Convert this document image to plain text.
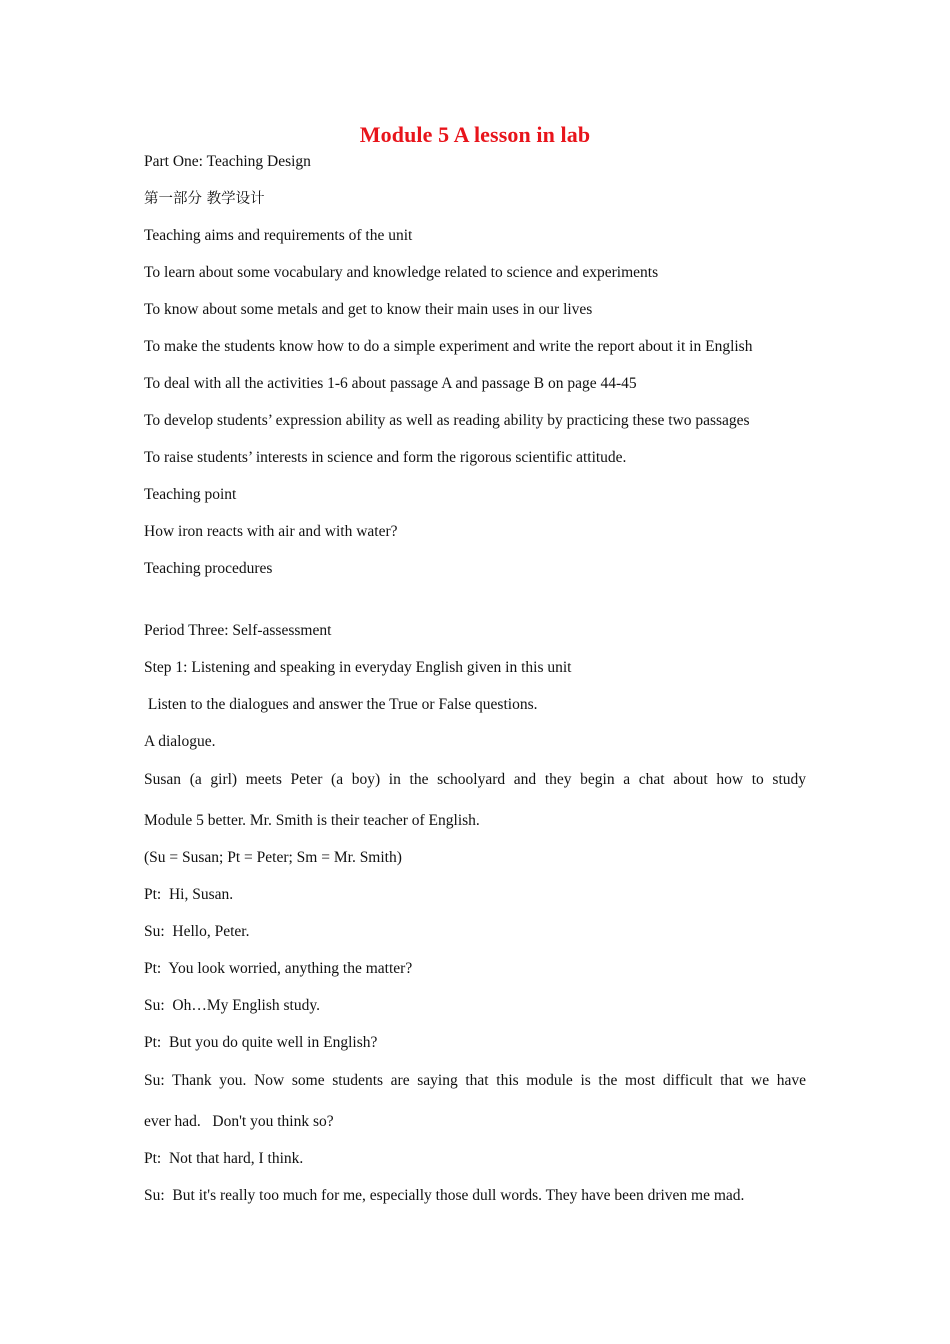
Module 5 A lesson in lab
Part One: Teaching Design
第一部分 教学设计
Teaching aims and requirements of the unit
To learn about some vocabulary and knowledge related to science and experiments
To know about some metals and get to know their main uses in our lives
To make the students know how to do a simple experiment and write the report about it in English
To deal with all the activities 1-6 about passage A and passage B on page 44-45
To develop students’ expression ability as well as reading ability by practicing these two passages
To raise students’ interests in science and form the rigorous scientific attitude.
Teaching point
How iron reacts with air and with water?
Teaching procedures
Period Three: Self-assessment
Step 1: Listening and speaking in everyday English given in this unit
Listen to the dialogues and answer the True or False questions.
A dialogue.
Susan (a girl) meets Peter (a boy) in the schoolyard and they begin a chat about how to study
Module 5 better. Mr. Smith is their teacher of English.
(Su = Susan; Pt = Peter; Sm = Mr. Smith)
Pt:  Hi, Susan.
Su:  Hello, Peter.
Pt:  You look worried, anything the matter?
Su:  Oh…My English study.
Pt:  But you do quite well in English?
Su: Thank you. Now some students are saying that this module is the most difficult that we have
ever had.   Don't you think so?
Pt:  Not that hard, I think.
Su:  But it's really too much for me, especially those dull words. They have been driven me mad.
